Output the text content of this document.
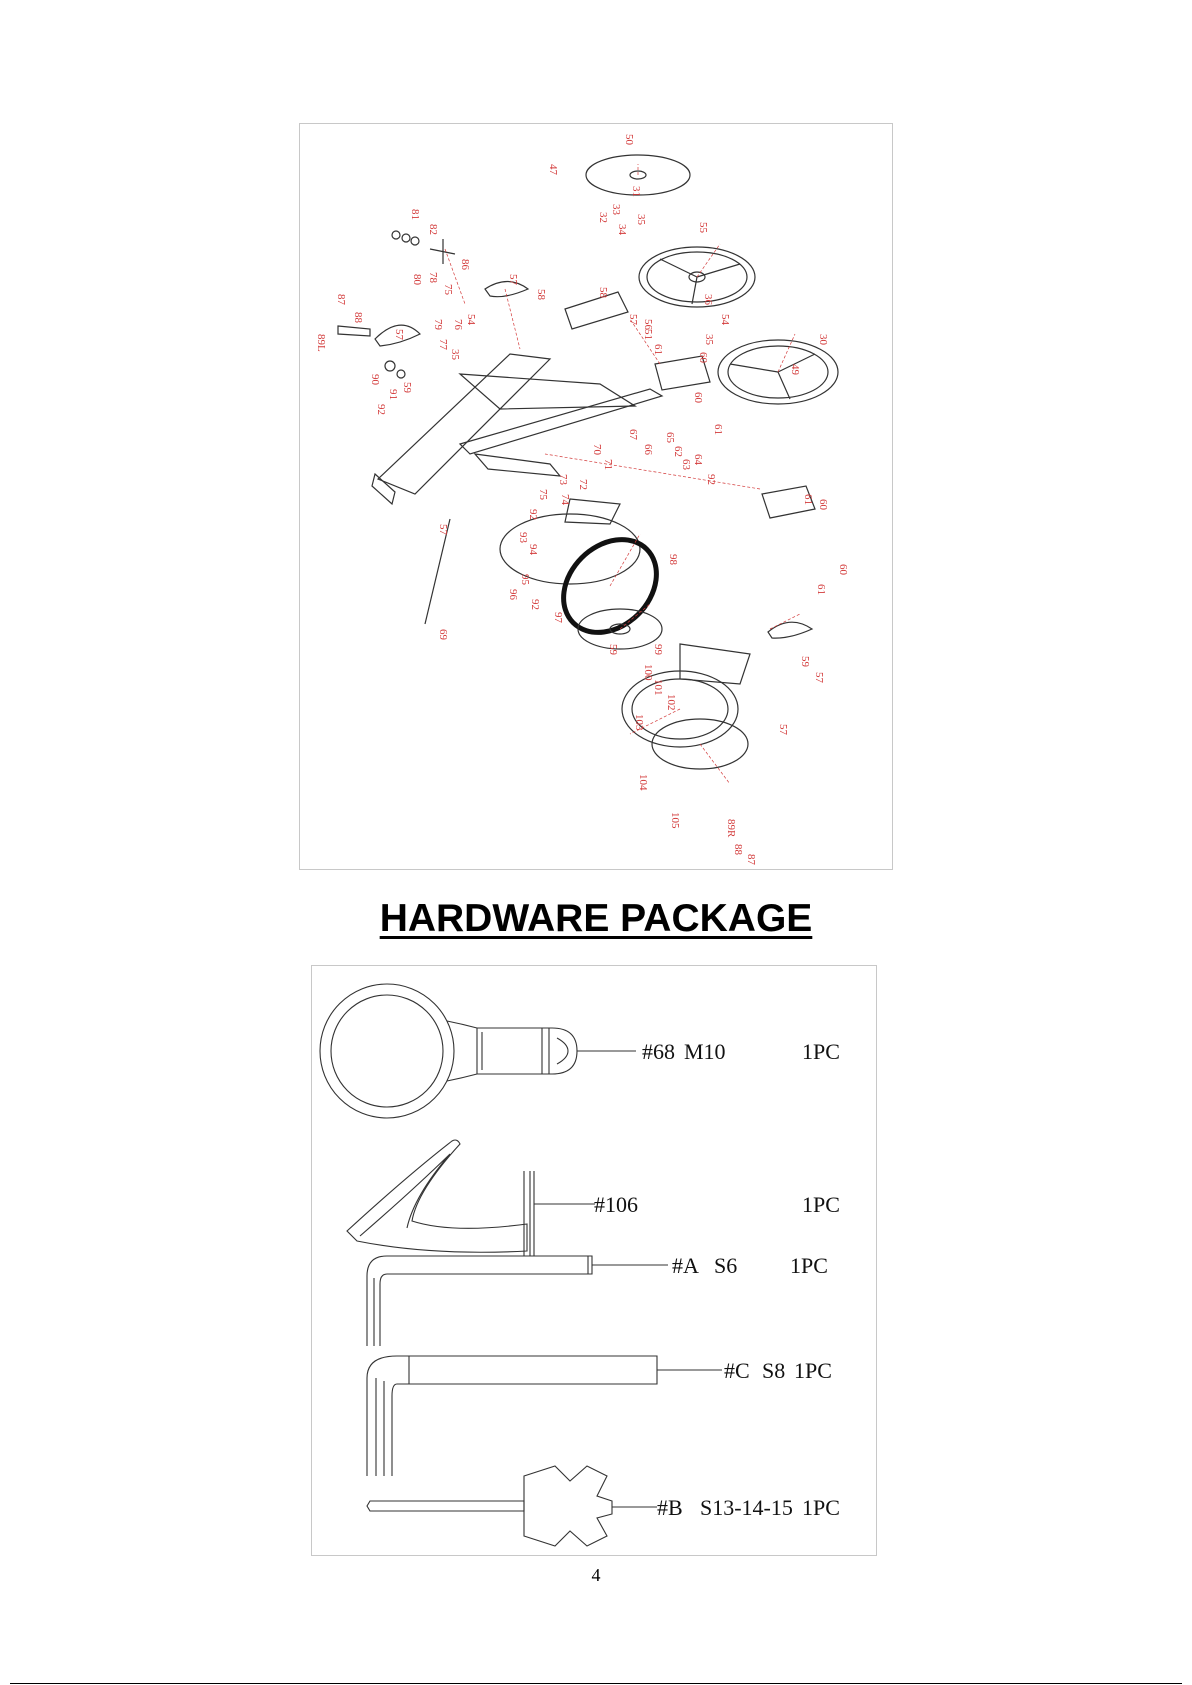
47
50
31
32
33
34
35
55
36
54
35	30
49
58
57 56
61
51
60
60
61
65
66
67
70
71
72
73
74
75
64
63
62
92
92
93
94
95
96
92
97
98
99
59
100
101
102
103
104
105	89R
88
87
57
59
57
61 60
60
61
69
57
57
58
81
82
86
80 78
75
79 76 54
77
35
57
59
87
88
89L
90
91
92
HARDWARE PACKAGE
#68 M10	1PC
#106	1PC
#A S6 1PC
#C S8 1PC
#B S13-14-15 1PC
4
